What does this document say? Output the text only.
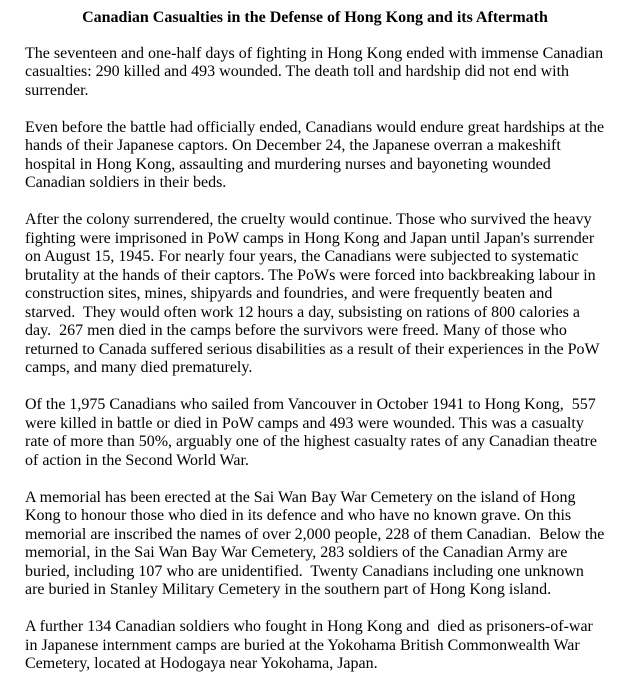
Canadian Casualties in the Defense of Hong Kong and its Aftermath

The seventeen and one-half days of fighting in Hong Kong ended with immense Canadian casualties: 290 killed and 493 wounded. The death toll and hardship did not end with surrender.

Even before the battle had officially ended, Canadians would endure great hardships at the hands of their Japanese captors. On December 24, the Japanese overran a makeshift hospital in Hong Kong, assaulting and murdering nurses and bayoneting wounded Canadian soldiers in their beds.

After the colony surrendered, the cruelty would continue. Those who survived the heavy fighting were imprisoned in PoW camps in Hong Kong and Japan until Japan's surrender on August 15, 1945. For nearly four years, the Canadians were subjected to systematic brutality at the hands of their captors. The PoWs were forced into backbreaking labour in construction sites, mines, shipyards and foundries, and were frequently beaten and starved.  They would often work 12 hours a day, subsisting on rations of 800 calories a day.  267 men died in the camps before the survivors were freed. Many of those who returned to Canada suffered serious disabilities as a result of their experiences in the PoW camps, and many died prematurely.

Of the 1,975 Canadians who sailed from Vancouver in October 1941 to Hong Kong,  557 were killed in battle or died in PoW camps and 493 were wounded. This was a casualty rate of more than 50%, arguably one of the highest casualty rates of any Canadian theatre of action in the Second World War.

A memorial has been erected at the Sai Wan Bay War Cemetery on the island of Hong Kong to honour those who died in its defence and who have no known grave. On this memorial are inscribed the names of over 2,000 people, 228 of them Canadian.  Below the memorial, in the Sai Wan Bay War Cemetery, 283 soldiers of the Canadian Army are buried, including 107 who are unidentified.  Twenty Canadians including one unknown are buried in Stanley Military Cemetery in the southern part of Hong Kong island.

A further 134 Canadian soldiers who fought in Hong Kong and  died as prisoners-of-war in Japanese internment camps are buried at the Yokohama British Commonwealth War Cemetery, located at Hodogaya near Yokohama, Japan.
